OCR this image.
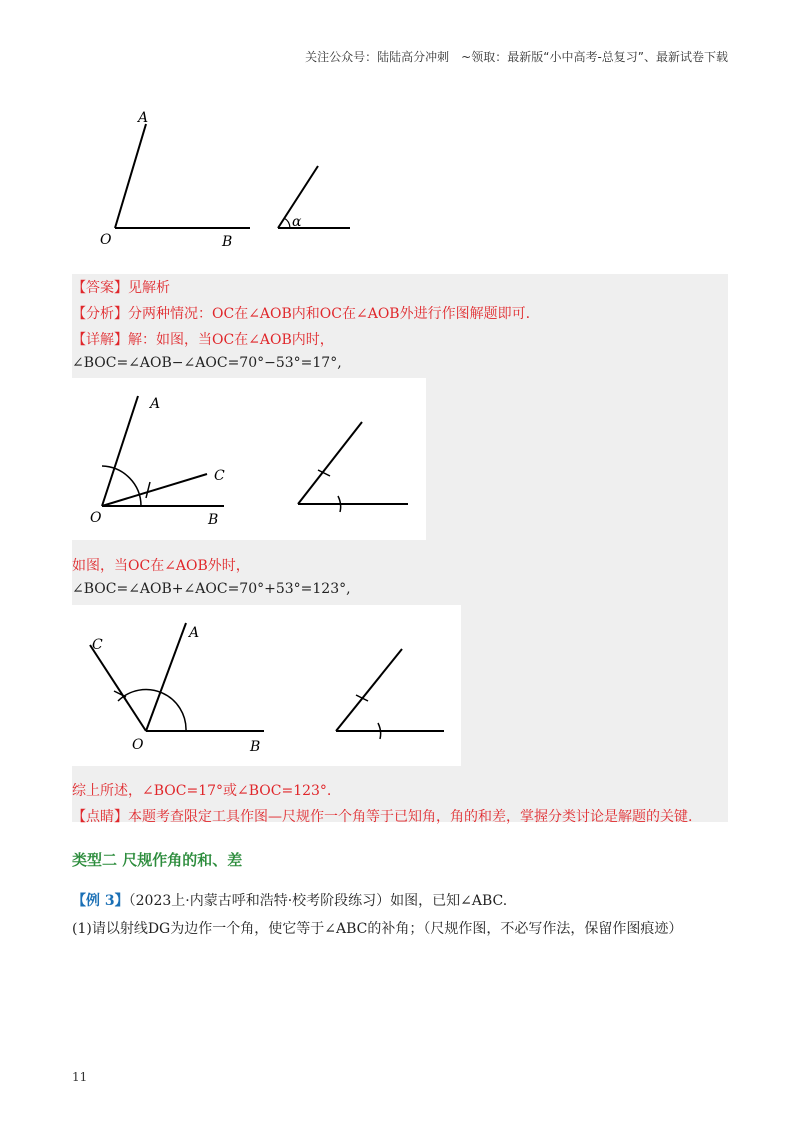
关注公众号：陆陆高分冲刺　~领取：最新版“小中高考-总复习”、最新试卷下载
A
O	B
α
【答案】见解析
【分析】分两种情况：OC在∠AOB内和OC在∠AOB外进行作图解题即可.
【详解】解：如图，当OC在∠AOB内时，
∠BOC=∠AOB−∠AOC=70°−53°=17°,
A
C
O	B
如图，当OC在∠AOB外时，
∠BOC=∠AOB+∠AOC=70°+53°=123°,
C
A
O	B
综上所述，∠BOC=17°或∠BOC=123°.
【点睛】本题考查限定工具作图—尺规作一个角等于已知角，角的和差，掌握分类讨论是解题的关键.
类型二 尺规作角的和、差
【例 3】（2023上·内蒙古呼和浩特·校考阶段练习）如图，已知∠ABC.
(1)请以射线DG为边作一个角，使它等于∠ABC的补角；（尺规作图，不必写作法，保留作图痕迹）
11
